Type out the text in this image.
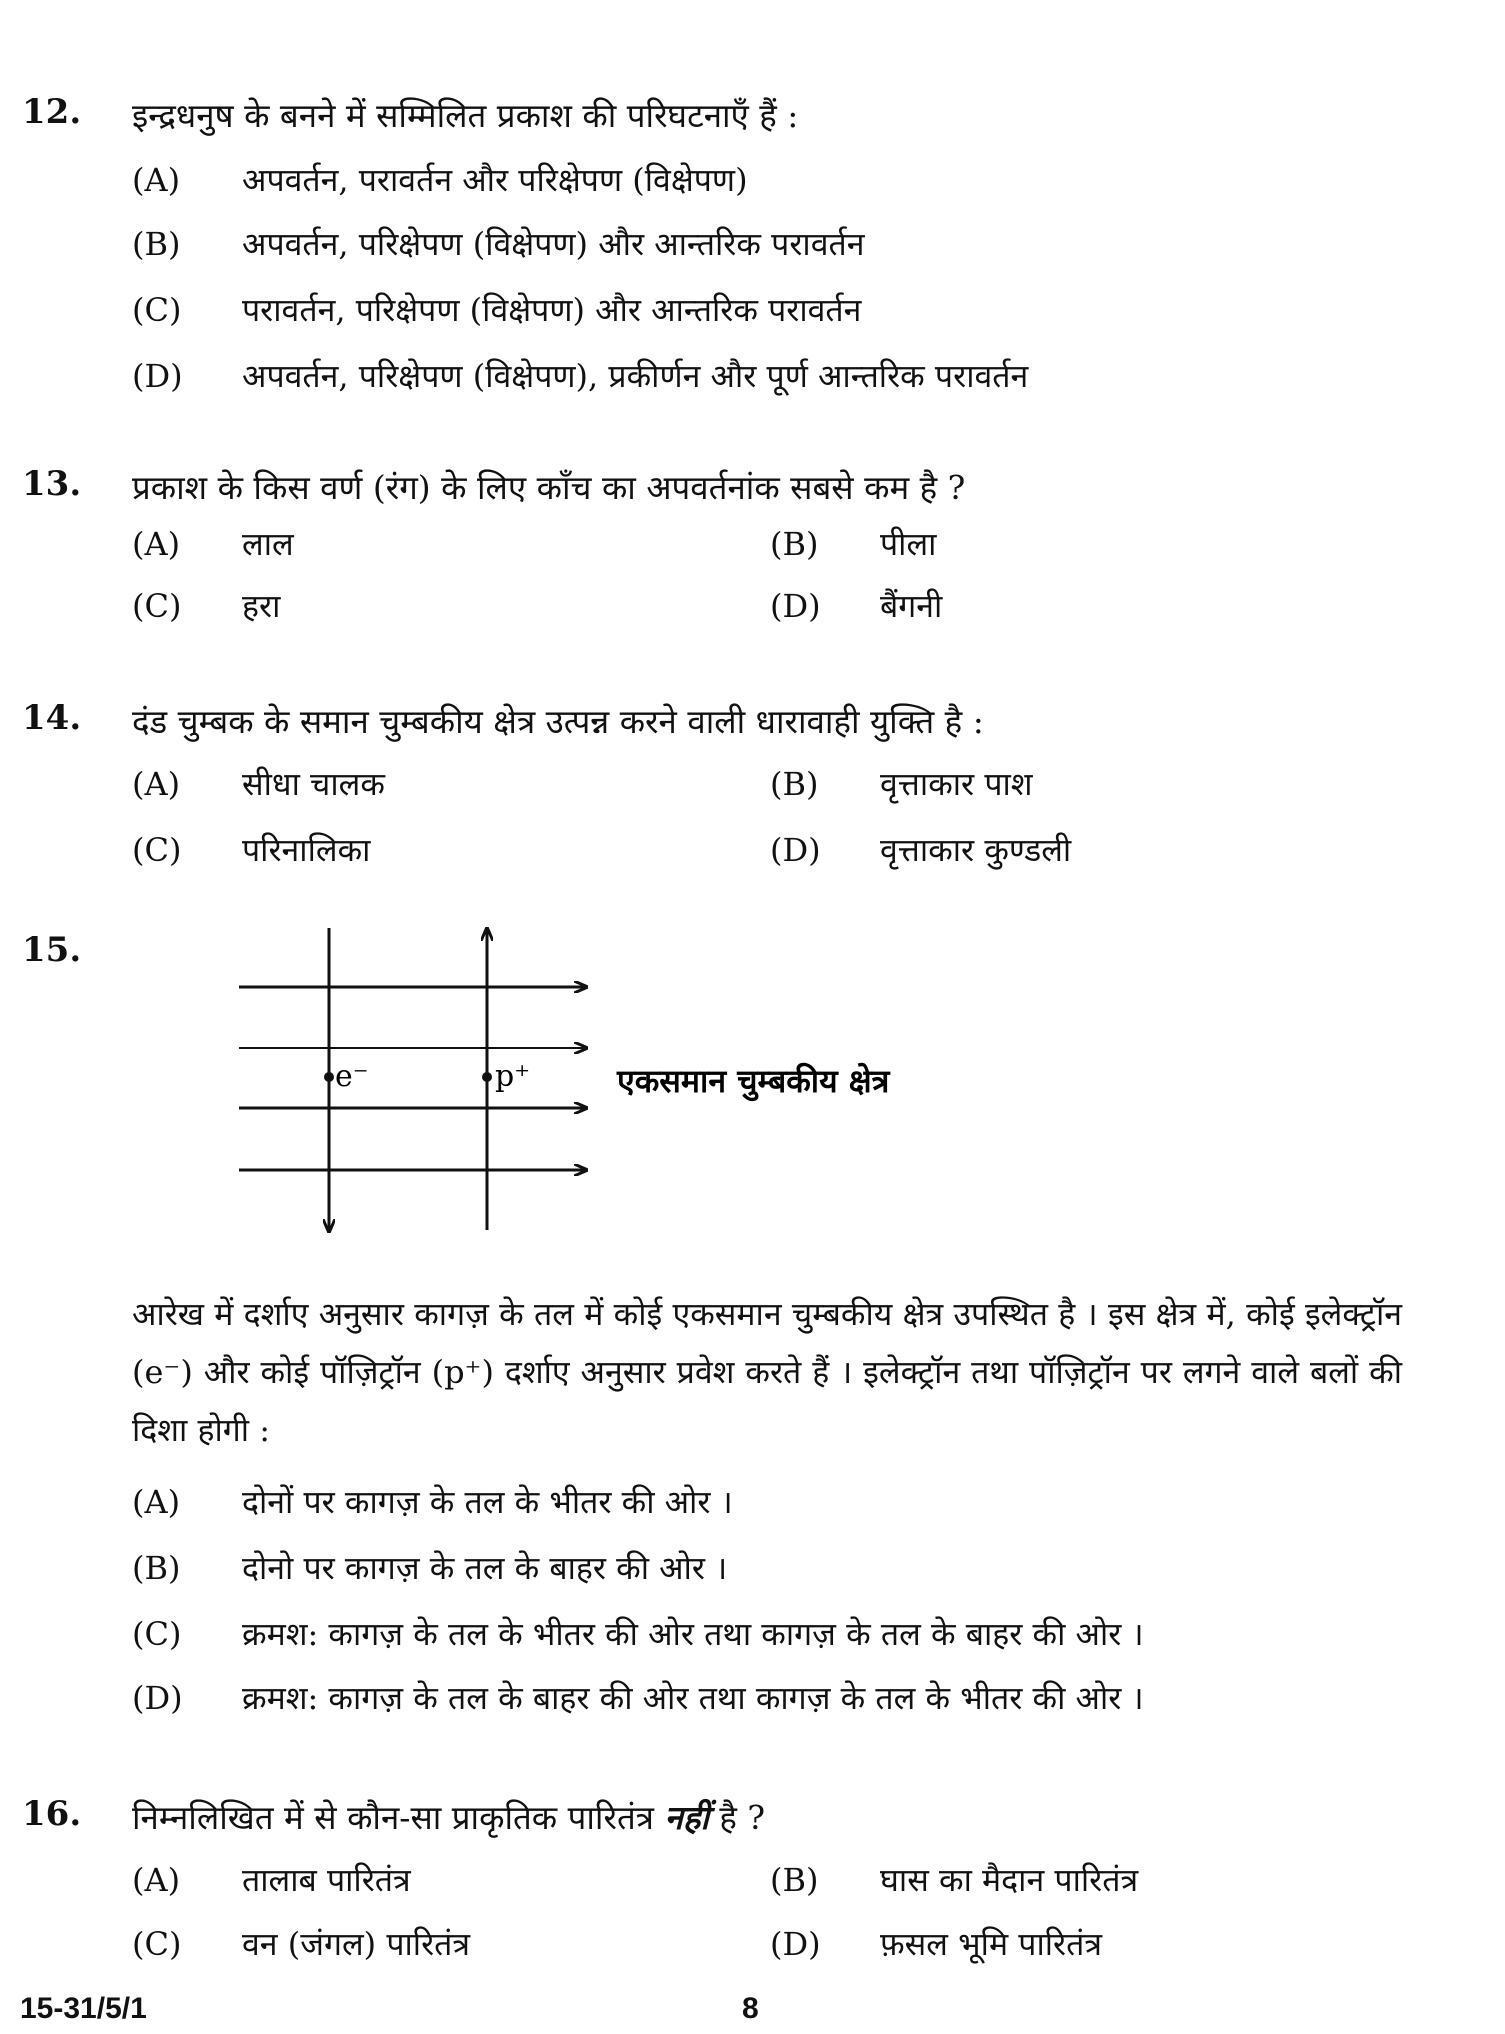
12. इन्द्रधनुष के बनने में सम्मिलित प्रकाश की परिघटनाएँ हैं :
(A) अपवर्तन, परावर्तन और परिक्षेपण (विक्षेपण)
(B) अपवर्तन, परिक्षेपण (विक्षेपण) और आन्तरिक परावर्तन
(C) परावर्तन, परिक्षेपण (विक्षेपण) और आन्तरिक परावर्तन
(D) अपवर्तन, परिक्षेपण (विक्षेपण), प्रकीर्णन और पूर्ण आन्तरिक परावर्तन
13. प्रकाश के किस वर्ण (रंग) के लिए काँच का अपवर्तनांक सबसे कम है ?
(A) लाल	(B) पीला
(C) हरा	(D) बैंगनी
14. दंड चुम्बक के समान चुम्बकीय क्षेत्र उत्पन्न करने वाली धारावाही युक्ति है :
(A) सीधा चालक	(B) वृत्ताकार पाश
(C) परिनालिका	(D) वृत्ताकार कुण्डली
15.
e⁻	p⁺	एकसमान चुम्बकीय क्षेत्र
आरेख में दर्शाए अनुसार कागज़ के तल में कोई एकसमान चुम्बकीय क्षेत्र उपस्थित है । इस क्षेत्र में, कोई इलेक्ट्रॉन (e⁻) और कोई पॉज़िट्रॉन (p⁺) दर्शाए अनुसार प्रवेश करते हैं । इलेक्ट्रॉन तथा पॉज़िट्रॉन पर लगने वाले बलों की दिशा होगी :
(A) दोनों पर कागज़ के तल के भीतर की ओर ।
(B) दोनो पर कागज़ के तल के बाहर की ओर ।
(C) क्रमश: कागज़ के तल के भीतर की ओर तथा कागज़ के तल के बाहर की ओर ।
(D) क्रमश: कागज़ के तल के बाहर की ओर तथा कागज़ के तल के भीतर की ओर ।
16. निम्नलिखित में से कौन-सा प्राकृतिक पारितंत्र नहीं है ?
(A) तालाब पारितंत्र	(B) घास का मैदान पारितंत्र
(C) वन (जंगल) पारितंत्र	(D) फ़सल भूमि पारितंत्र
15-31/5/1	8
